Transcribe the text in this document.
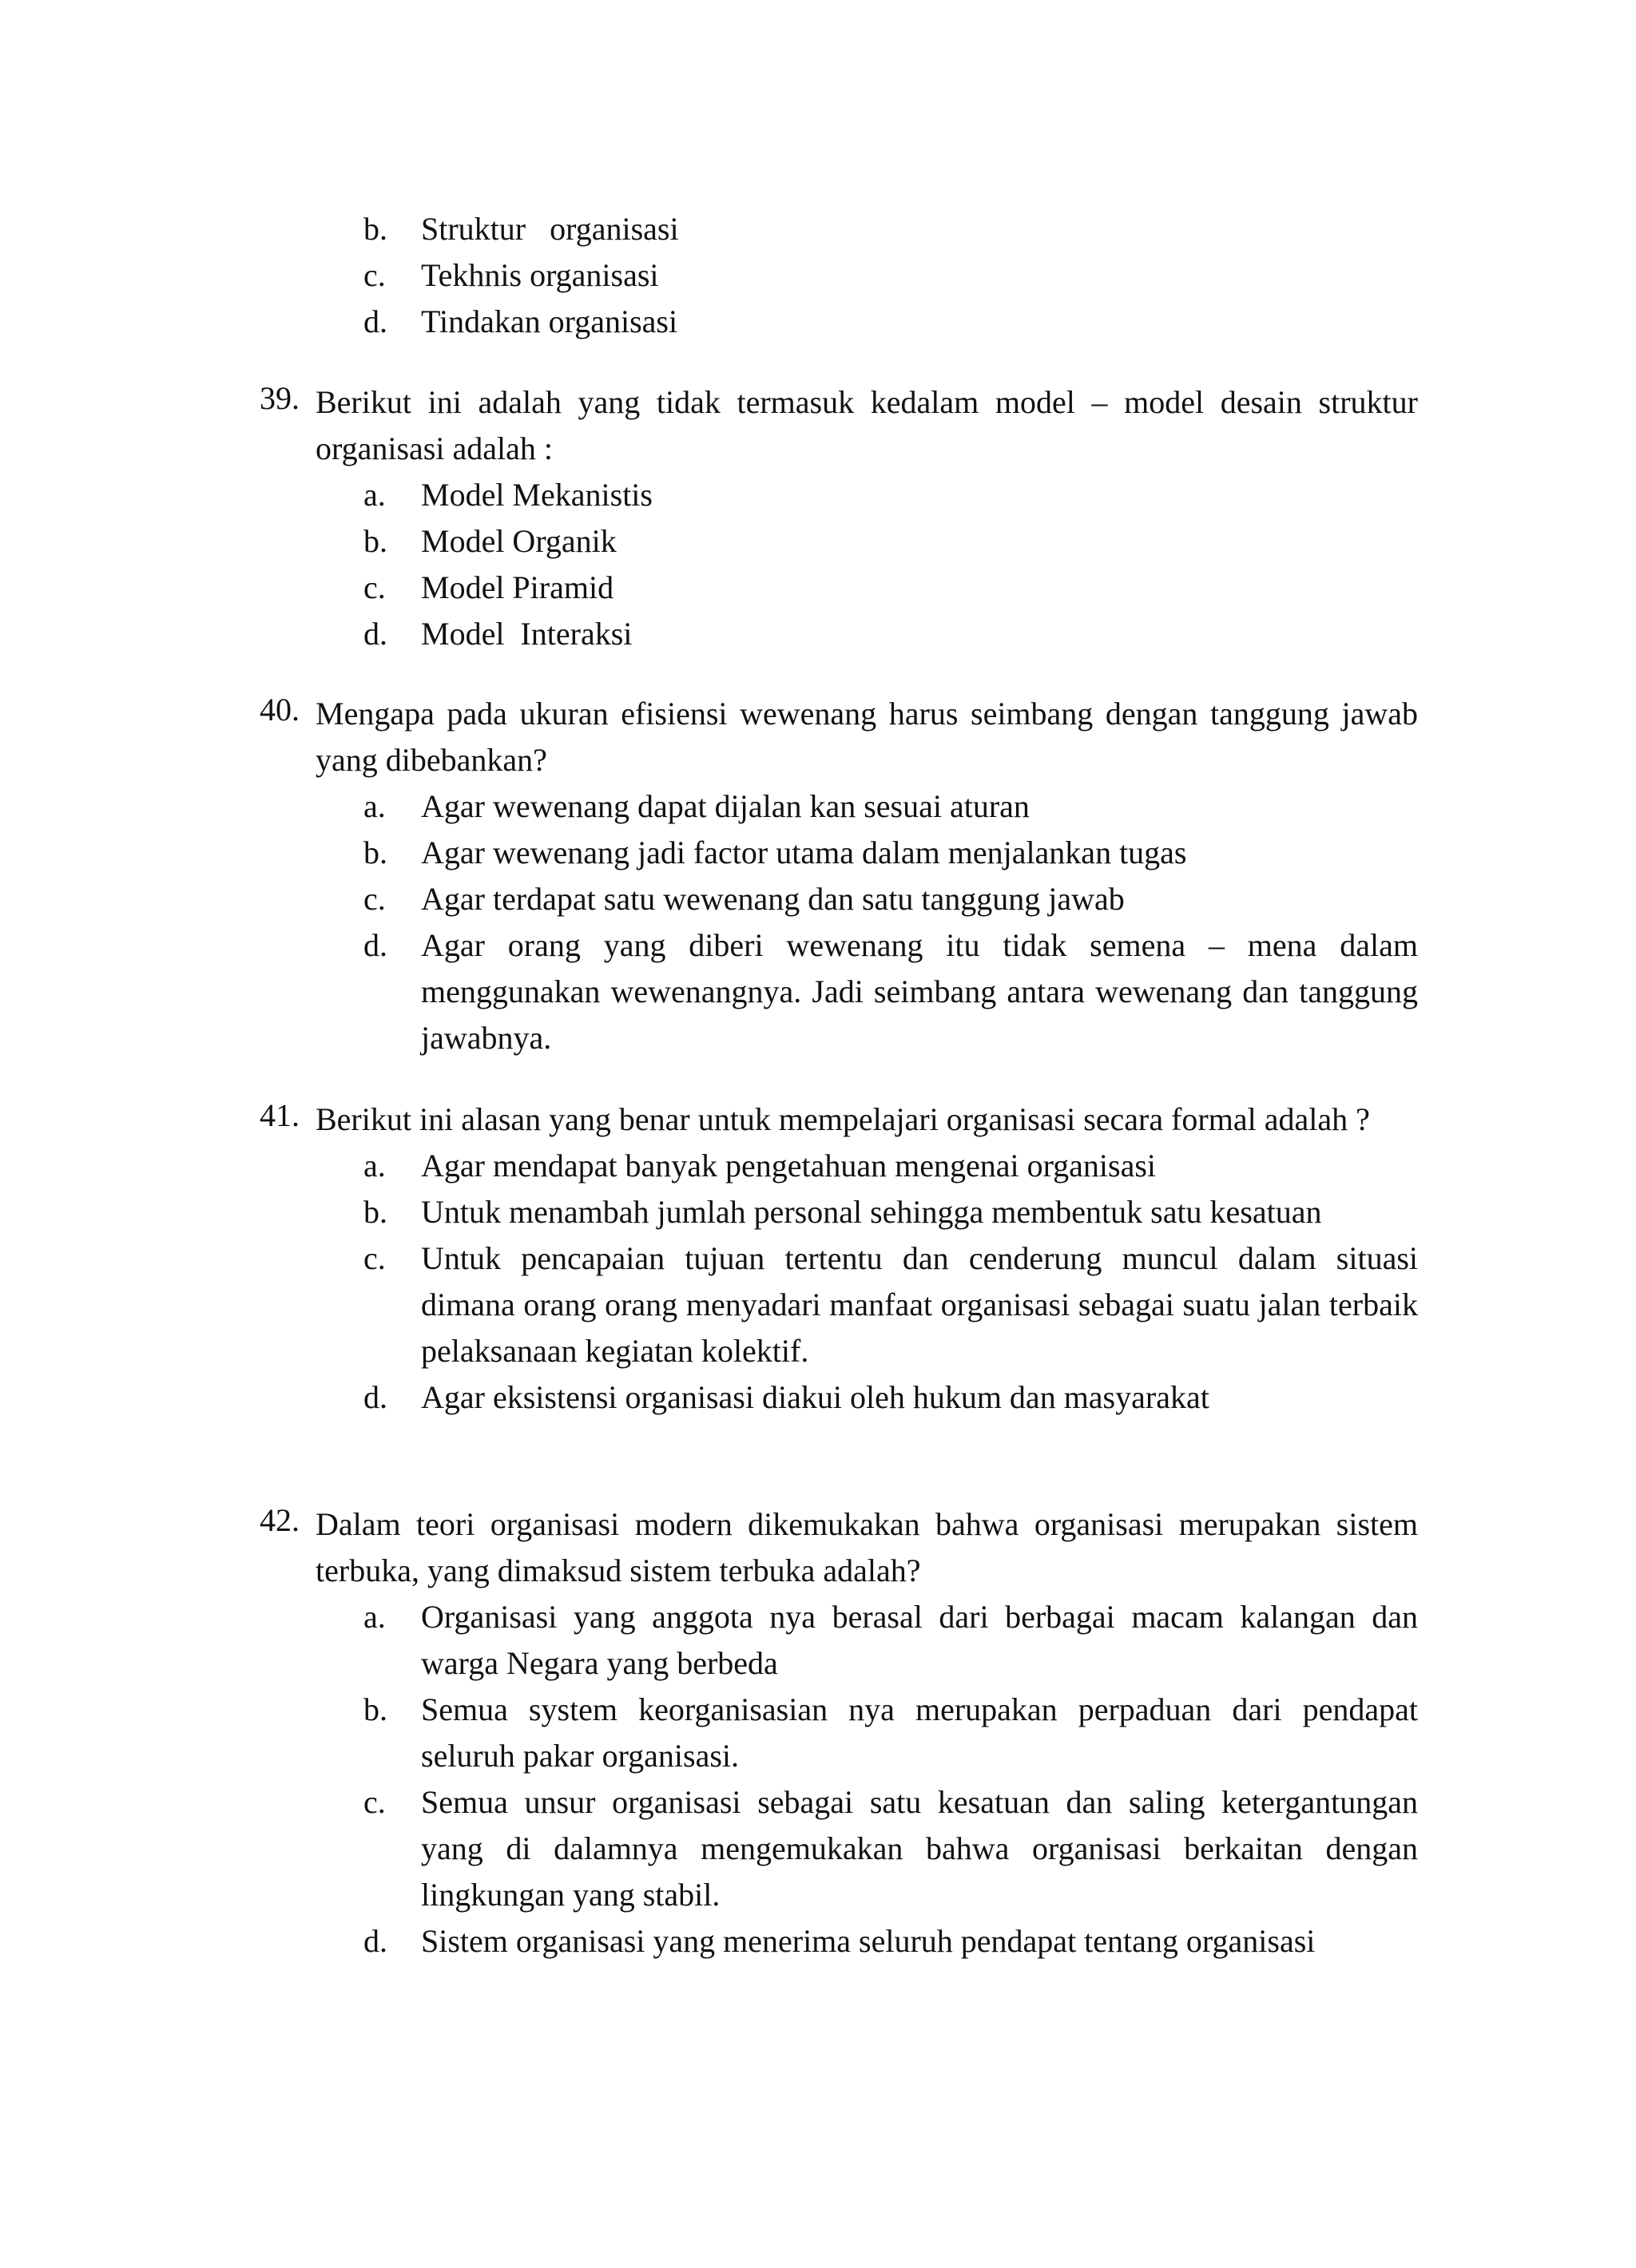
b.	Struktur   organisasi
c.	Tekhnis organisasi
d.	Tindakan organisasi
39. Berikut ini adalah yang tidak termasuk kedalam model – model desain struktur organisasi adalah :
a.	Model Mekanistis
b.	Model Organik
c.	Model Piramid
d.	Model  Interaksi
40. Mengapa pada ukuran efisiensi wewenang harus seimbang dengan tanggung jawab yang dibebankan?
a.	Agar wewenang dapat dijalan kan sesuai aturan
b.	Agar wewenang jadi factor utama dalam menjalankan tugas
c.	Agar terdapat satu wewenang dan satu tanggung jawab
d.	Agar orang yang diberi wewenang itu tidak semena – mena dalam menggunakan wewenangnya. Jadi seimbang antara wewenang dan tanggung jawabnya.
41. Berikut ini alasan yang benar untuk mempelajari organisasi secara formal adalah ?
a.	Agar mendapat banyak pengetahuan mengenai organisasi
b.	Untuk menambah jumlah personal sehingga membentuk satu kesatuan
c.	Untuk pencapaian tujuan tertentu dan cenderung muncul dalam situasi dimana orang orang menyadari manfaat organisasi sebagai suatu jalan terbaik pelaksanaan kegiatan kolektif.
d.	Agar eksistensi organisasi diakui oleh hukum dan masyarakat
42. Dalam teori organisasi modern dikemukakan bahwa organisasi merupakan sistem terbuka, yang dimaksud sistem terbuka adalah?
a.	Organisasi yang anggota nya berasal dari berbagai macam kalangan dan warga Negara yang berbeda
b.	Semua system keorganisasian nya merupakan perpaduan dari pendapat seluruh pakar organisasi.
c.	Semua unsur organisasi sebagai satu kesatuan dan saling ketergantungan yang di dalamnya mengemukakan bahwa organisasi berkaitan dengan lingkungan yang stabil.
d.	Sistem organisasi yang menerima seluruh pendapat tentang organisasi
